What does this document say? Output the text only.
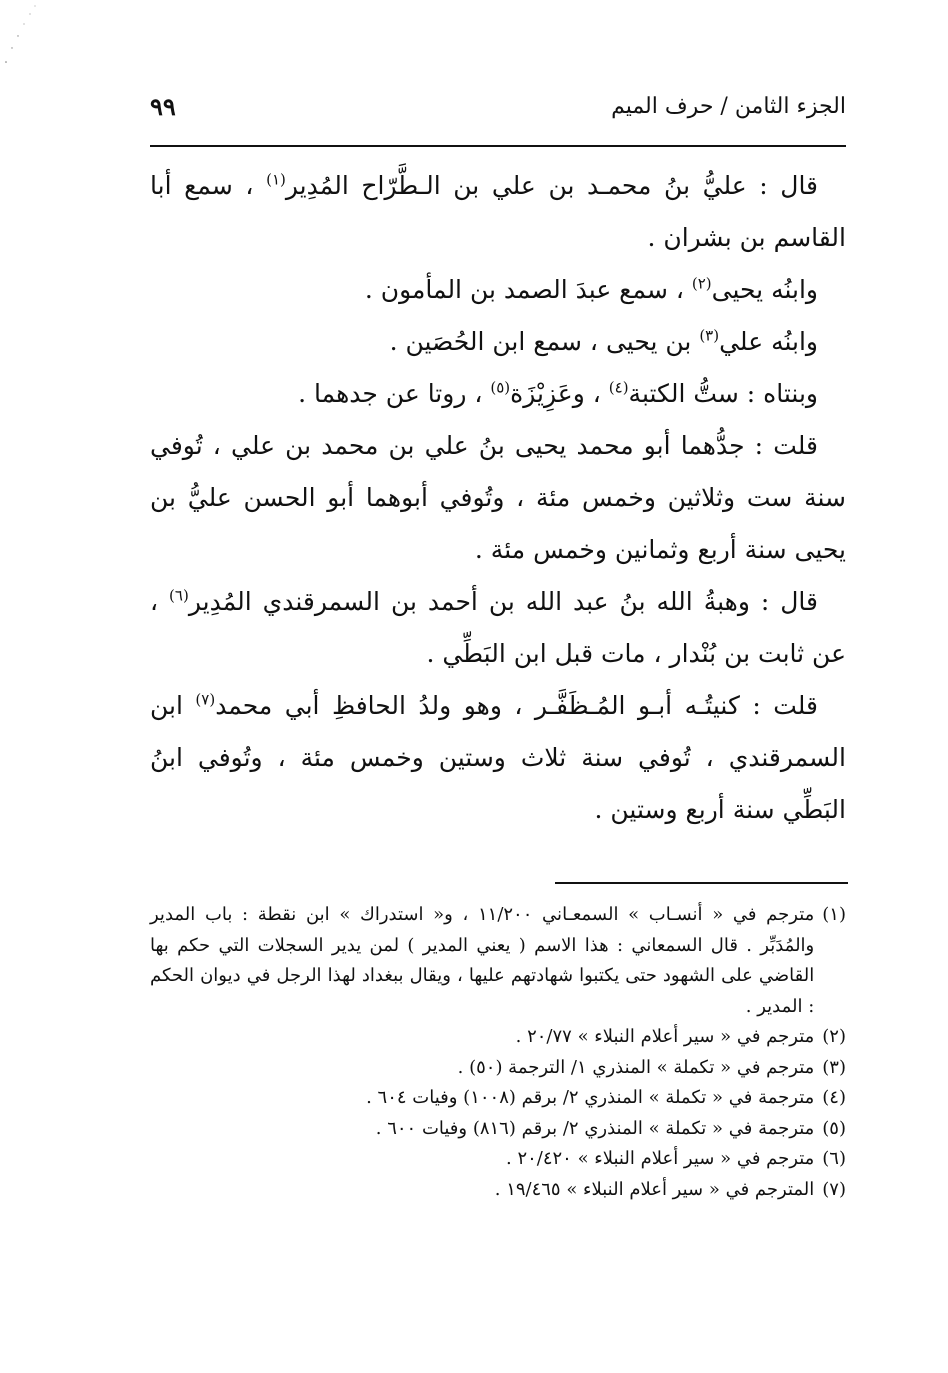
الجزء الثامن / حرف الميم
٩٩

قال : عليُّ بنُ محمـد بن علي بن الـطَّرّاح المُدِير$^{(١)}$ ، سمع أبا القاسم بن بشران .

وابنُه يحيى$^{(٢)}$ ، سمع عبدَ الصمد بن المأمون .

وابنُه علي$^{(٣)}$ بن يحيى ، سمع ابن الحُصَين .

وبنتاه : ستُّ الكتبة$^{(٤)}$ ، وعَزِيْزَة$^{(٥)}$ ، روتا عن جدهما .

قلت : جدُّهما أبو محمد يحيى بنُ علي بن محمد بن علي ، تُوفي سنة ست وثلاثين وخمس مئة ، وتُوفي أبوهما أبو الحسن عليُّ بن يحيى سنة أربع وثمانين وخمس مئة .

قال : وهبةُ الله بنُ عبد الله بن أحمد بن السمرقندي المُدِير$^{(٦)}$ ، عن ثابت بن بُنْدار ، مات قبل ابن البَطِّي .

قلت : كنيتُـه أبـو المُـظَفَّـر ، وهو ولدُ الحافظِ أبي محمد$^{(٧)}$ ابن السمرقندي ، تُوفي سنة ثلاث وستين وخمس مئة ، وتُوفي ابنُ البَطِّي سنة أربع وستين .

(١)
مترجم في « أنسـاب » السمعـاني ١١/٢٠٠ ، و« استدراك » ابن نقطة : باب المدير والمُدَبِّر . قال السمعاني : هذا الاسم ( يعني المدير ) لمن يدير السجلات التي حكم بها القاضي على الشهود حتى يكتبوا شهادتهم عليها ، ويقال ببغداد لهذا الرجل في ديوان الحكم : المدير .

(٢)
مترجم في « سير أعلام النبلاء » ٢٠/٧٧ .

(٣)
مترجم في « تكملة » المنذري ١/ الترجمة (٥٠) .

(٤)
مترجمة في « تكملة » المنذري ٢/ برقم (١٠٠٨) وفيات ٦٠٤ .

(٥)
مترجمة في « تكملة » المنذري ٢/ برقم (٨١٦) وفيات ٦٠٠ .

(٦)
مترجم في « سير أعلام النبلاء » ٢٠/٤٢٠ .

(٧)
المترجم في « سير أعلام النبلاء » ١٩/٤٦٥ .
